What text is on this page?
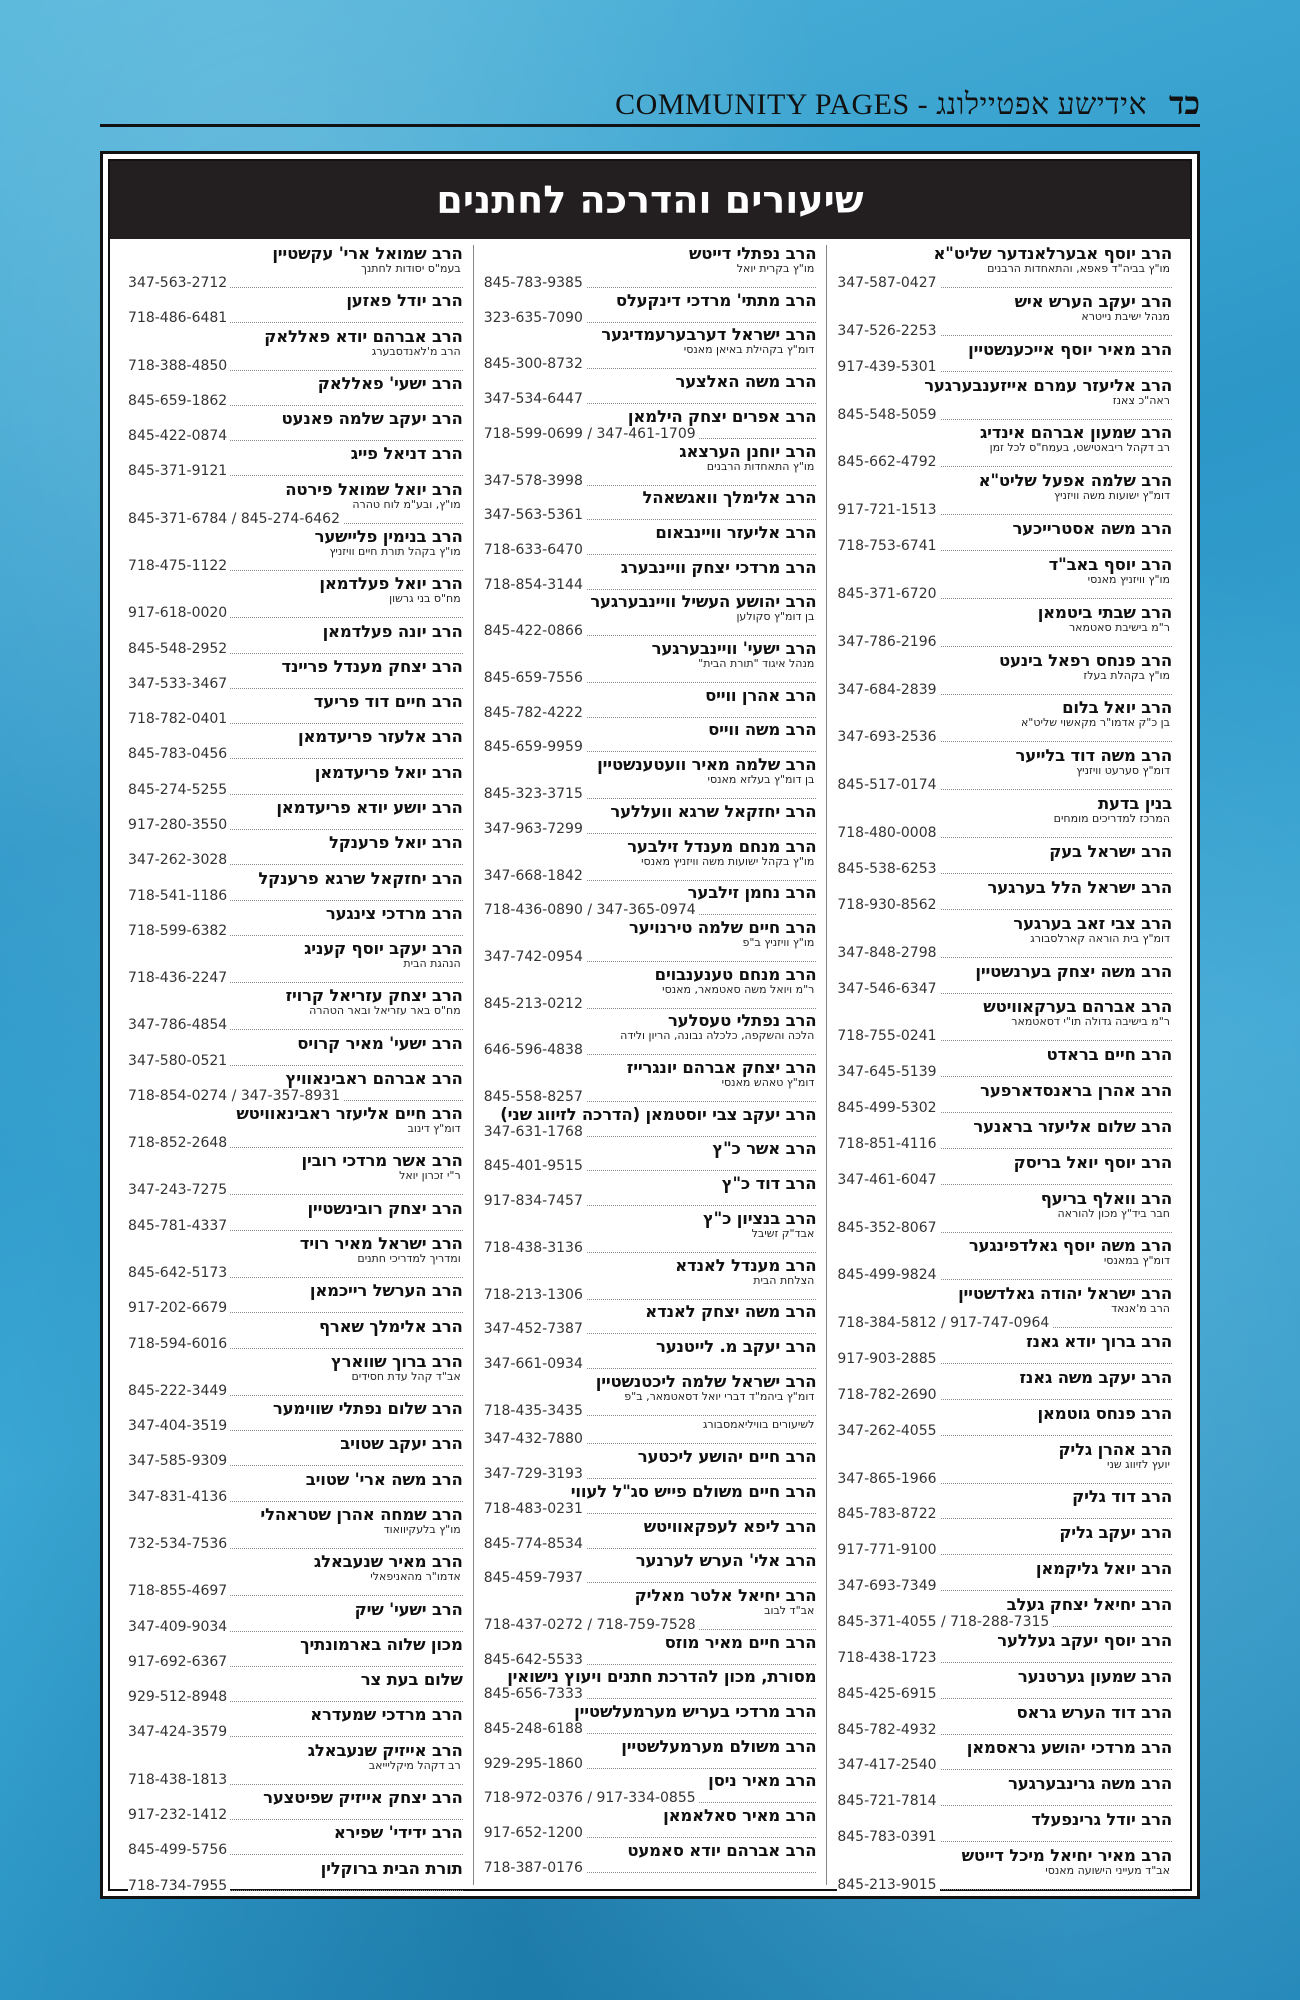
COMMUNITY PAGES - אידישע אפטיילונג כד
שיעורים והדרכה לחתנים
הרב יוסף אבערלאנדער שליט"א
מו"ץ בביה"ד פאפא, והתאחדות הרבנים
347-587-0427
הרב יעקב הערש איש
מנהל ישיבת נייטרא
347-526-2253
הרב מאיר יוסף אייכענשטיין
917-439-5301
הרב אליעזר עמרם אייזענבערגער
ראה"כ צאנז
845-548-5059
הרב שמעון אברהם אינדיג
רב דקהל ריבאטישט, בעמח"ס לכל זמן
845-662-4792
הרב שלמה אפעל שליט"א
דומ"ץ ישועות משה וויזניץ
917-721-1513
הרב משה אסטרייכער
718-753-6741
הרב יוסף באב"ד
מו"ץ וויזניץ מאנסי
845-371-6720
הרב שבתי ביטמאן
ר"מ בישיבת סאטמאר
347-786-2196
הרב פנחס רפאל בינעט
מו"ץ בקהלת בעלז
347-684-2839
הרב יואל בלום
בן כ"ק אדמו"ר מקאשוי שליט"א
347-693-2536
הרב משה דוד בלייער
דומ"ץ סערעט וויזניץ
845-517-0174
בנין בדעת
המרכז למדריכים מומחים
718-480-0008
הרב ישראל בעק
845-538-6253
הרב ישראל הלל בערגער
718-930-8562
הרב צבי זאב בערגער
דומ"ץ בית הוראה קארלסבורג
347-848-2798
הרב משה יצחק בערנשטיין
347-546-6347
הרב אברהם בערקאוויטש
ר"מ בישיבה גדולה תו"י דסאטמאר
718-755-0241
הרב חיים בראדט
347-645-5139
הרב אהרן בראנסדארפער
845-499-5302
הרב שלום אליעזר בראנער
718-851-4116
הרב יוסף יואל בריסק
347-461-6047
הרב וואלף בריעף
חבר ביד"ץ מכון להוראה
845-352-8067
הרב משה יוסף גאלדפינגער
דומ"ץ במאנסי
845-499-9824
הרב ישראל יהודה גאלדשטיין
הרב מ'אנאד
718-384-5812 / 917-747-0964
הרב ברוך יודא גאנז
917-903-2885
הרב יעקב משה גאנז
718-782-2690
הרב פנחס גוטמאן
347-262-4055
הרב אהרן גליק
יועץ לזיווג שני
347-865-1966
הרב דוד גליק
845-783-8722
הרב יעקב גליק
917-771-9100
הרב יואל גליקמאן
347-693-7349
הרב יחיאל יצחק געלב
845-371-4055 / 718-288-7315
הרב יוסף יעקב געללער
718-438-1723
הרב שמעון גערטנער
845-425-6915
הרב דוד הערש גראס
845-782-4932
הרב מרדכי יהושע גראסמאן
347-417-2540
הרב משה גרינבערגער
845-721-7814
הרב יודל גרינפעלד
845-783-0391
הרב מאיר יחיאל מיכל דייטש
אב"ד מעייני הישועה מאנסי
845-213-9015
הרב נפתלי דייטש
מו"ץ בקרית יואל
845-783-9385
הרב מתתי' מרדכי דינקעלס
323-635-7090
הרב ישראל דערבערעמדיגער
דומ"ץ בקהילת באיאן מאנסי
845-300-8732
הרב משה האלצער
347-534-6447
הרב אפרים יצחק הילמאן
718-599-0699 / 347-461-1709
הרב יוחנן הערצאג
מו"ץ התאחדות הרבנים
347-578-3998
הרב אלימלך וואגשאהל
347-563-5361
הרב אליעזר וויינבאום
718-633-6470
הרב מרדכי יצחק וויינבערג
718-854-3144
הרב יהושע העשיל וויינבערגער
בן דומ"ץ סקולען
845-422-0866
הרב ישעי' וויינבערגער
מנהל איגוד "תורת הבית"
845-659-7556
הרב אהרן ווייס
845-782-4222
הרב משה ווייס
845-659-9959
הרב שלמה מאיר וועטענשטיין
בן דומ"ץ בעלזא מאנסי
845-323-3715
הרב יחזקאל שרגא וועללער
347-963-7299
הרב מנחם מענדל זילבער
מו"ץ בקהל ישועות משה וויזניץ מאנסי
347-668-1842
הרב נחמן זילבער
718-436-0890 / 347-365-0974
הרב חיים שלמה טירנויער
מו"ץ וויזניץ ב"פ
347-742-0954
הרב מנחם טענענבוים
ר"מ ויואל משה סאטמאר, מאנסי
845-213-0212
הרב נפתלי טעסלער
הלכה והשקפה, כלכלה נבונה, הריון ולידה
646-596-4838
הרב יצחק אברהם יונגרייז
דומ"ץ טאהש מאנסי
845-558-8257
הרב יעקב צבי יוסטמאן (הדרכה לזיווג שני)
347-631-1768
הרב אשר כ"ץ
845-401-9515
הרב דוד כ"ץ
917-834-7457
הרב בנציון כ"ץ
אבד"ק זשיבל
718-438-3136
הרב מענדל לאנדא
הצלחת הבית
718-213-1306
הרב משה יצחק לאנדא
347-452-7387
הרב יעקב מ. לייטנער
347-661-0934
הרב ישראל שלמה ליכטנשטיין
דומ"ץ ביהמ"ד דברי יואל דסאטמאר, ב"פ
718-435-3435
לשיעורים בוויליאמסבורג
347-432-7880
הרב חיים יהושע ליכטער
347-729-3193
הרב חיים משולם פייש סג"ל לעווי
718-483-0231
הרב ליפא לעפקאוויטש
845-774-8534
הרב אלי' הערש לערנער
845-459-7937
הרב יחיאל אלטר מאליק
אב"ד לבוב
718-437-0272 / 718-759-7528
הרב חיים מאיר מוזס
845-642-5533
מסורת, מכון להדרכת חתנים ויעוץ נישואין
845-656-7333
הרב מרדכי בעריש מערמעלשטיין
845-248-6188
הרב משולם מערמעלשטיין
929-295-1860
הרב מאיר ניסן
718-972-0376 / 917-334-0855
הרב מאיר סאלאמאן
917-652-1200
הרב אברהם יודא סאמעט
718-387-0176
הרב שמואל ארי' עקשטיין
בעמ"ס יסודות לחתנך
347-563-2712
הרב יודל פאזען
718-486-6481
הרב אברהם יודא פאללאק
הרב מ'לאנדסבערג
718-388-4850
הרב ישעי' פאללאק
845-659-1862
הרב יעקב שלמה פאנעט
845-422-0874
הרב דניאל פייג
845-371-9121
הרב יואל שמואל פירטה
מו"ץ, ובע"מ לוח טהרה
845-371-6784 / 845-274-6462
הרב בנימין פליישער
מו"ץ בקהל תורת חיים וויזניץ
718-475-1122
הרב יואל פעלדמאן
מח"ס בני גרשון
917-618-0020
הרב יונה פעלדמאן
845-548-2952
הרב יצחק מענדל פריינד
347-533-3467
הרב חיים דוד פריעד
718-782-0401
הרב אלעזר פריעדמאן
845-783-0456
הרב יואל פריעדמאן
845-274-5255
הרב יושע יודא פריעדמאן
917-280-3550
הרב יואל פרענקל
347-262-3028
הרב יחזקאל שרגא פרענקל
718-541-1186
הרב מרדכי צינגער
718-599-6382
הרב יעקב יוסף קעניג
הנהגת הבית
718-436-2247
הרב יצחק עזריאל קרויז
מח"ס באר עזריאל ובאר הטהרה
347-786-4854
הרב ישעי' מאיר קרויס
347-580-0521
הרב אברהם ראבינאוויץ
718-854-0274 / 347-357-8931
הרב חיים אליעזר ראבינאוויטש
דומ"ץ דינוב
718-852-2648
הרב אשר מרדכי רובין
ר"י זכרון יואל
347-243-7275
הרב יצחק רובינשטיין
845-781-4337
הרב ישראל מאיר רויד
ומדריך למדריכי חתנים
845-642-5173
הרב הערשל רייכמאן
917-202-6679
הרב אלימלך שארף
718-594-6016
הרב ברוך שווארץ
אב"ד קהל עדת חסידים
845-222-3449
הרב שלום נפתלי שווימער
347-404-3519
הרב יעקב שטויב
347-585-9309
הרב משה ארי' שטויב
347-831-4136
הרב שמחה אהרן שטראהלי
מו"ץ בלעקיוואוד
732-534-7536
הרב מאיר שנעבאלג
אדמו"ר מהאניפאלי
718-855-4697
הרב ישעי' שיק
347-409-9034
מכון שלוה בארמונתיך
917-692-6367
שלום בעת צר
929-512-8948
הרב מרדכי שמעדרא
347-424-3579
הרב אייזיק שנעבאלג
רב דקהל מיקליייאב
718-438-1813
הרב יצחק אייזיק שפיטצער
917-232-1412
הרב ידידי' שפירא
845-499-5756
תורת הבית ברוקלין
718-734-7955
